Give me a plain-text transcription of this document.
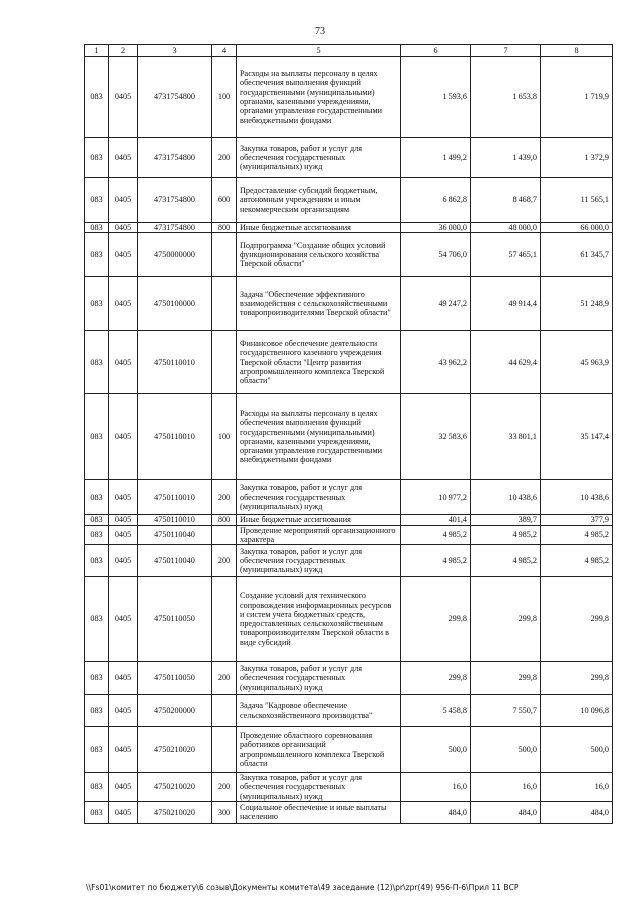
73
1	2	3	4	5	6	7	8
083	0405	4731754800	100	Расходы на выплаты персоналу в целях обеспечения выполнения функций государственными (муниципальными) органами, казенными учреждениями, органами управления государственными внебюджетными фондами	1 593,6	1 653,8	1 719,9
083	0405	4731754800	200	Закупка товаров, работ и услуг для обеспечения государственных (муниципальных) нужд	1 499,2	1 439,0	1 372,9
083	0405	4731754800	600	Предоставление субсидий бюджетным, автономным учреждениям и иным некоммерческим организациям	6 862,8	8 468,7	11 565,1
083	0405	4731754800	800	Иные бюджетные ассигнования	36 000,0	48 000,0	66 000,0
083	0405	4750000000		Подпрограмма "Создание общих условий функционирования сельского хозяйства Тверской области"	54 706,0	57 465,1	61 345,7
083	0405	4750100000		Задача "Обеспечение эффективного взаимодействия с сельскохозяйственными товаропроизводителями Тверской области"	49 247,2	49 914,4	51 248,9
083	0405	4750110010		Финансовое обеспечение деятельности государственного казенного учреждения Тверской области "Центр развития агропромышленного комплекса Тверской области"	43 962,2	44 629,4	45 963,9
083	0405	4750110010	100	Расходы на выплаты персоналу в целях обеспечения выполнения функций государственными (муниципальными) органами, казенными учреждениями, органами управления государственными внебюджетными фондами	32 583,6	33 801,1	35 147,4
083	0405	4750110010	200	Закупка товаров, работ и услуг для обеспечения государственных (муниципальных) нужд	10 977,2	10 438,6	10 438,6
083	0405	4750110010	800	Иные бюджетные ассигнования	401,4	389,7	377,9
083	0405	4750110040		Проведение мероприятий организационного характера	4 985,2	4 985,2	4 985,2
083	0405	4750110040	200	Закупка товаров, работ и услуг для обеспечения государственных (муниципальных) нужд	4 985,2	4 985,2	4 985,2
083	0405	4750110050		Создание условий для технического сопровождения информационных ресурсов и систем учета бюджетных средств, предоставленных сельскохозяйственным товаропроизводителям Тверской области в виде субсидий	299,8	299,8	299,8
083	0405	4750110050	200	Закупка товаров, работ и услуг для обеспечения государственных (муниципальных) нужд	299,8	299,8	299,8
083	0405	4750200000		Задача "Кадровое обеспечение сельскохозяйственного производства"	5 458,8	7 550,7	10 096,8
083	0405	4750210020		Проведение областного соревнования работников организаций агропромышленного комплекса Тверской области	500,0	500,0	500,0
083	0405	4750210020	200	Закупка товаров, работ и услуг для обеспечения государственных (муниципальных) нужд	16,0	16,0	16,0
083	0405	4750210020	300	Социальное обеспечение и иные выплаты населению	484,0	484,0	484,0
\\Fs01\комитет по бюджету\6 созыв\Документы комитета\49 заседание (12)\pr\zpr(49) 956-П-6\Прил 11 ВСР
